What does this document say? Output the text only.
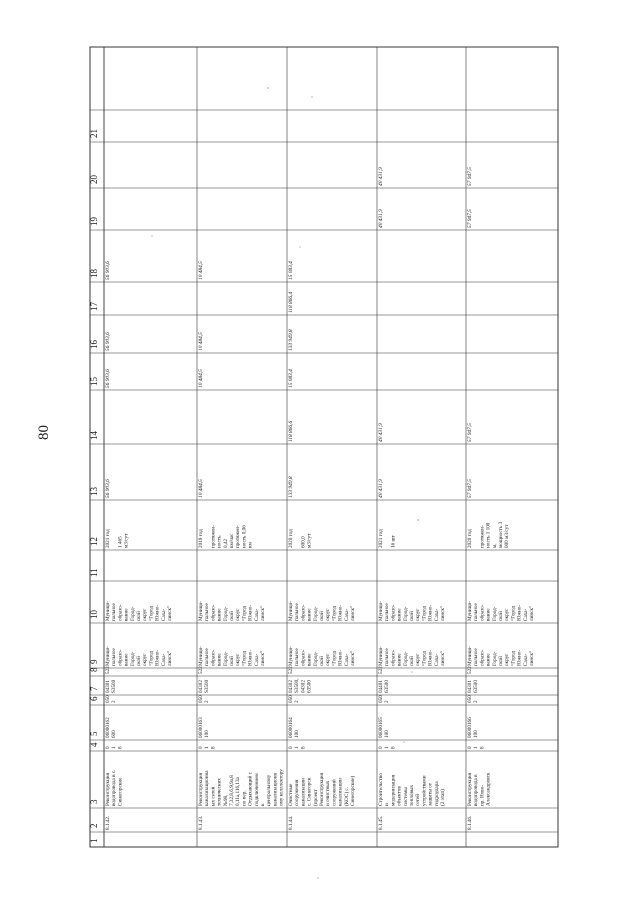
80
1
2
3
4
5
6
7
8
9
10
11
12
13
14
15
16
17
18
19
20
21
8.1.42.
Реконструкция водопровода в с. Синегорские
0 1 8
06000162 600
050 2
04301 S3500
522
Муници- пальное образо- вание Город- ской округ “Город Южно- Саха- линск”
Муници- пальное образо- вание Город- ской округ “Город Южно- Саха- линск”
2021 год 1 465 м3/сут
56 903,6
56 903,6
56 903,6
56 903,6
8.1.43.
Реконструкция канализационна ых сетей технических №98, 7,32,8,б,9,9а,8 0,11а,116,13а по пер. Отдыхающий с подключением к центральному канализационн ому колллектору
0 1 8
06000163 100
050 2
04302 S3500
522
Муници- пальное образо- вание Город- ской округ “Город Южно- Саха- линск”
Муници- пальное образо- вание Город- ской округ “Город Южно- Саха- линск”
2019 год протяжен- ность 0,42 км/час протяжен- ность 0,06 км
10 484,5
10 484,5
10 484,5
10 484,5
8.1.44.
Очистные сооружения канализации с. Синегорск (проект Реконструкция и очистных сооружений канализации (КОС) с. Синегорские)
0 1 8
06000164 100
050 2
04302 S3500, 04302 63500
522
Муници- пальное образо- вание Город- ской округ “Город Южно- Саха- линск”
Муници- пальное образо- вание Город- ской округ “Город Южно- Саха- линск”
2020 год 600,0 м3/сут
133 949,8
118 866,6
15 083,4
133 949,8
118 866,4
15 083,4
8.1.45.
Строительство и модернизация объектов системы тепловых сетей устройствами защиты от гидроудара (2 этап)
0 1 8
06000165 100
050 2
04401 63500
522
Муници- пальное образо- вание Город- ской округ “Город Южно- Саха- линск”
Муници- пальное образо- вание Город- ской округ “Город Южно- Саха- линск”
2021 год 16 шт
40 431,9
40 431,9
40 431,9
40 431,9
8.1.46.
Реконструкция водопровода в пр. Ново- Александровск
0 1 8
06000166 100
050 2
04301 63500
522
Муници- пальное образо- вание Город- ской округ “Город Южно- Саха- линск”
Муници- пальное образо- вание Город- ской округ “Город Южно- Саха- линск”
2020 год протяжен- ность 1 100 м, мощность 3 000 м3/сут
57 947,5
57 947,5
57 947,5
57 947,5
